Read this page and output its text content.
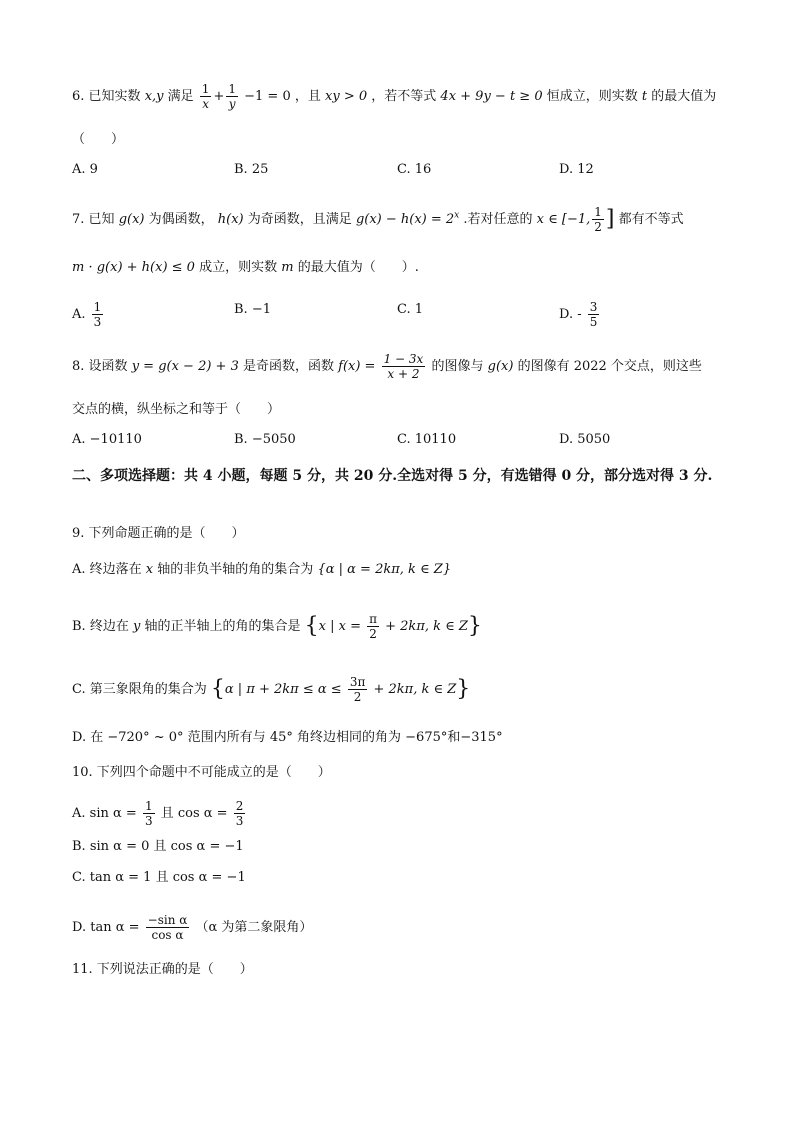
6. 已知实数 x,y 满足 $\frac{1}{x} + \frac{1}{y} -1 = 0$ ，且 xy > 0 ，若不等式 4x + 9y − t ≥ 0 恒成立，则实数 t 的最大值为
（　　）
A. 9	B. 25	C. 16	D. 12
7. 已知 g(x) 为偶函数， h(x) 为奇函数，且满足 $g(x) - h(x) = 2^x$ .若对任意的 x ∈ [−1, $\frac{1}{2}$ ] 都有不等式
m · g(x) + h(x) ≤ 0 成立，则实数 m 的最大值为（　　）.
A. $\frac{1}{3}$	B. −1	C. 1	D. - $\frac{3}{5}$
8. 设函数 y = g(x − 2) + 3 是奇函数，函数 $f(x) = \frac{1 - 3x}{x + 2}$ 的图像与 g(x) 的图像有 2022 个交点，则这些
交点的横，纵坐标之和等于（　　）
A. −10110	B. −5050	C. 10110	D. 5050
二、多项选择题：共 4 小题，每题 5 分，共 20 分.全选对得 5 分，有选错得 0 分，部分选对得 3 分.
9. 下列命题正确的是（　　）
A. 终边落在 x 轴的非负半轴的角的集合为 {α | α = 2kπ, k ∈ Z}
B. 终边在 y 轴的正半轴上的角的集合是 {x | $x = \frac{\pi}{2} + 2k\pi$, k ∈ Z}
C. 第三象限角的集合为 {α | $\pi + 2k\pi \le \alpha \le \frac{3\pi}{2} + 2k\pi$, k ∈ Z}
D. 在 −720° ~ 0° 范围内所有与 45° 角终边相同的角为 −675°和−315°
10. 下列四个命题中不可能成立的是（　　）
A. $\sin \alpha = \frac{1}{3}$ 且 $\cos \alpha = \frac{2}{3}$
B. sin α = 0 且 cos α = −1
C. tan α = 1 且 cos α = −1
D. $\tan \alpha = \frac{\text{−sin α}}{\text{cos α}} (\alpha$ 为第二象限角）
11. 下列说法正确的是（　　）
